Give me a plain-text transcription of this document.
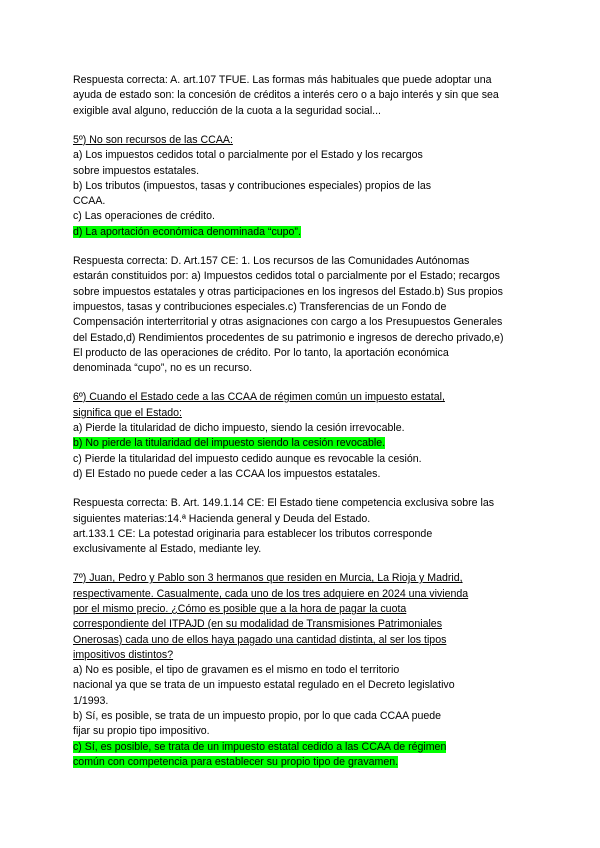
Respuesta correcta: A. art.107 TFUE. Las formas más habituales que puede adoptar una
ayuda de estado son: la concesión de créditos a interés cero o a bajo interés y sin que sea
exigible aval alguno, reducción de la cuota a la seguridad social...
5º) No son recursos de las CCAA:
a) Los impuestos cedidos total o parcialmente por el Estado y los recargos
sobre impuestos estatales.
b) Los tributos (impuestos, tasas y contribuciones especiales) propios de las
CCAA.
c) Las operaciones de crédito.
d) La aportación económica denominada “cupo”.
Respuesta correcta: D. Art.157 CE: 1. Los recursos de las Comunidades Autónomas
estarán constituidos por: a) Impuestos cedidos total o parcialmente por el Estado; recargos
sobre impuestos estatales y otras participaciones en los ingresos del Estado.b) Sus propios
impuestos, tasas y contribuciones especiales.c) Transferencias de un Fondo de
Compensación interterritorial y otras asignaciones con cargo a los Presupuestos Generales
del Estado,d) Rendimientos procedentes de su patrimonio e ingresos de derecho privado,e)
El producto de las operaciones de crédito. Por lo tanto, la aportación económica
denominada “cupo”, no es un recurso.
6º) Cuando el Estado cede a las CCAA de régimen común un impuesto estatal,
significa que el Estado:
a) Pierde la titularidad de dicho impuesto, siendo la cesión irrevocable.
b) No pierde la titularidad del impuesto siendo la cesión revocable.
c) Pierde la titularidad del impuesto cedido aunque es revocable la cesión.
d) El Estado no puede ceder a las CCAA los impuestos estatales.
Respuesta correcta: B. Art. 149.1.14 CE: El Estado tiene competencia exclusiva sobre las
siguientes materias:14.ª Hacienda general y Deuda del Estado.
art.133.1 CE: La potestad originaria para establecer los tributos corresponde
exclusivamente al Estado, mediante ley.
7º) Juan, Pedro y Pablo son 3 hermanos que residen en Murcia, La Rioja y Madrid,
respectivamente. Casualmente, cada uno de los tres adquiere en 2024 una vivienda
por el mismo precio. ¿Cómo es posible que a la hora de pagar la cuota
correspondiente del ITPAJD (en su modalidad de Transmisiones Patrimoniales
Onerosas) cada uno de ellos haya pagado una cantidad distinta, al ser los tipos
impositivos distintos?
a) No es posible, el tipo de gravamen es el mismo en todo el territorio
nacional ya que se trata de un impuesto estatal regulado en el Decreto legislativo
1/1993.
b) Sí, es posible, se trata de un impuesto propio, por lo que cada CCAA puede
fijar su propio tipo impositivo.
c) Sí, es posible, se trata de un impuesto estatal cedido a las CCAA de régimen
común con competencia para establecer su propio tipo de gravamen.
